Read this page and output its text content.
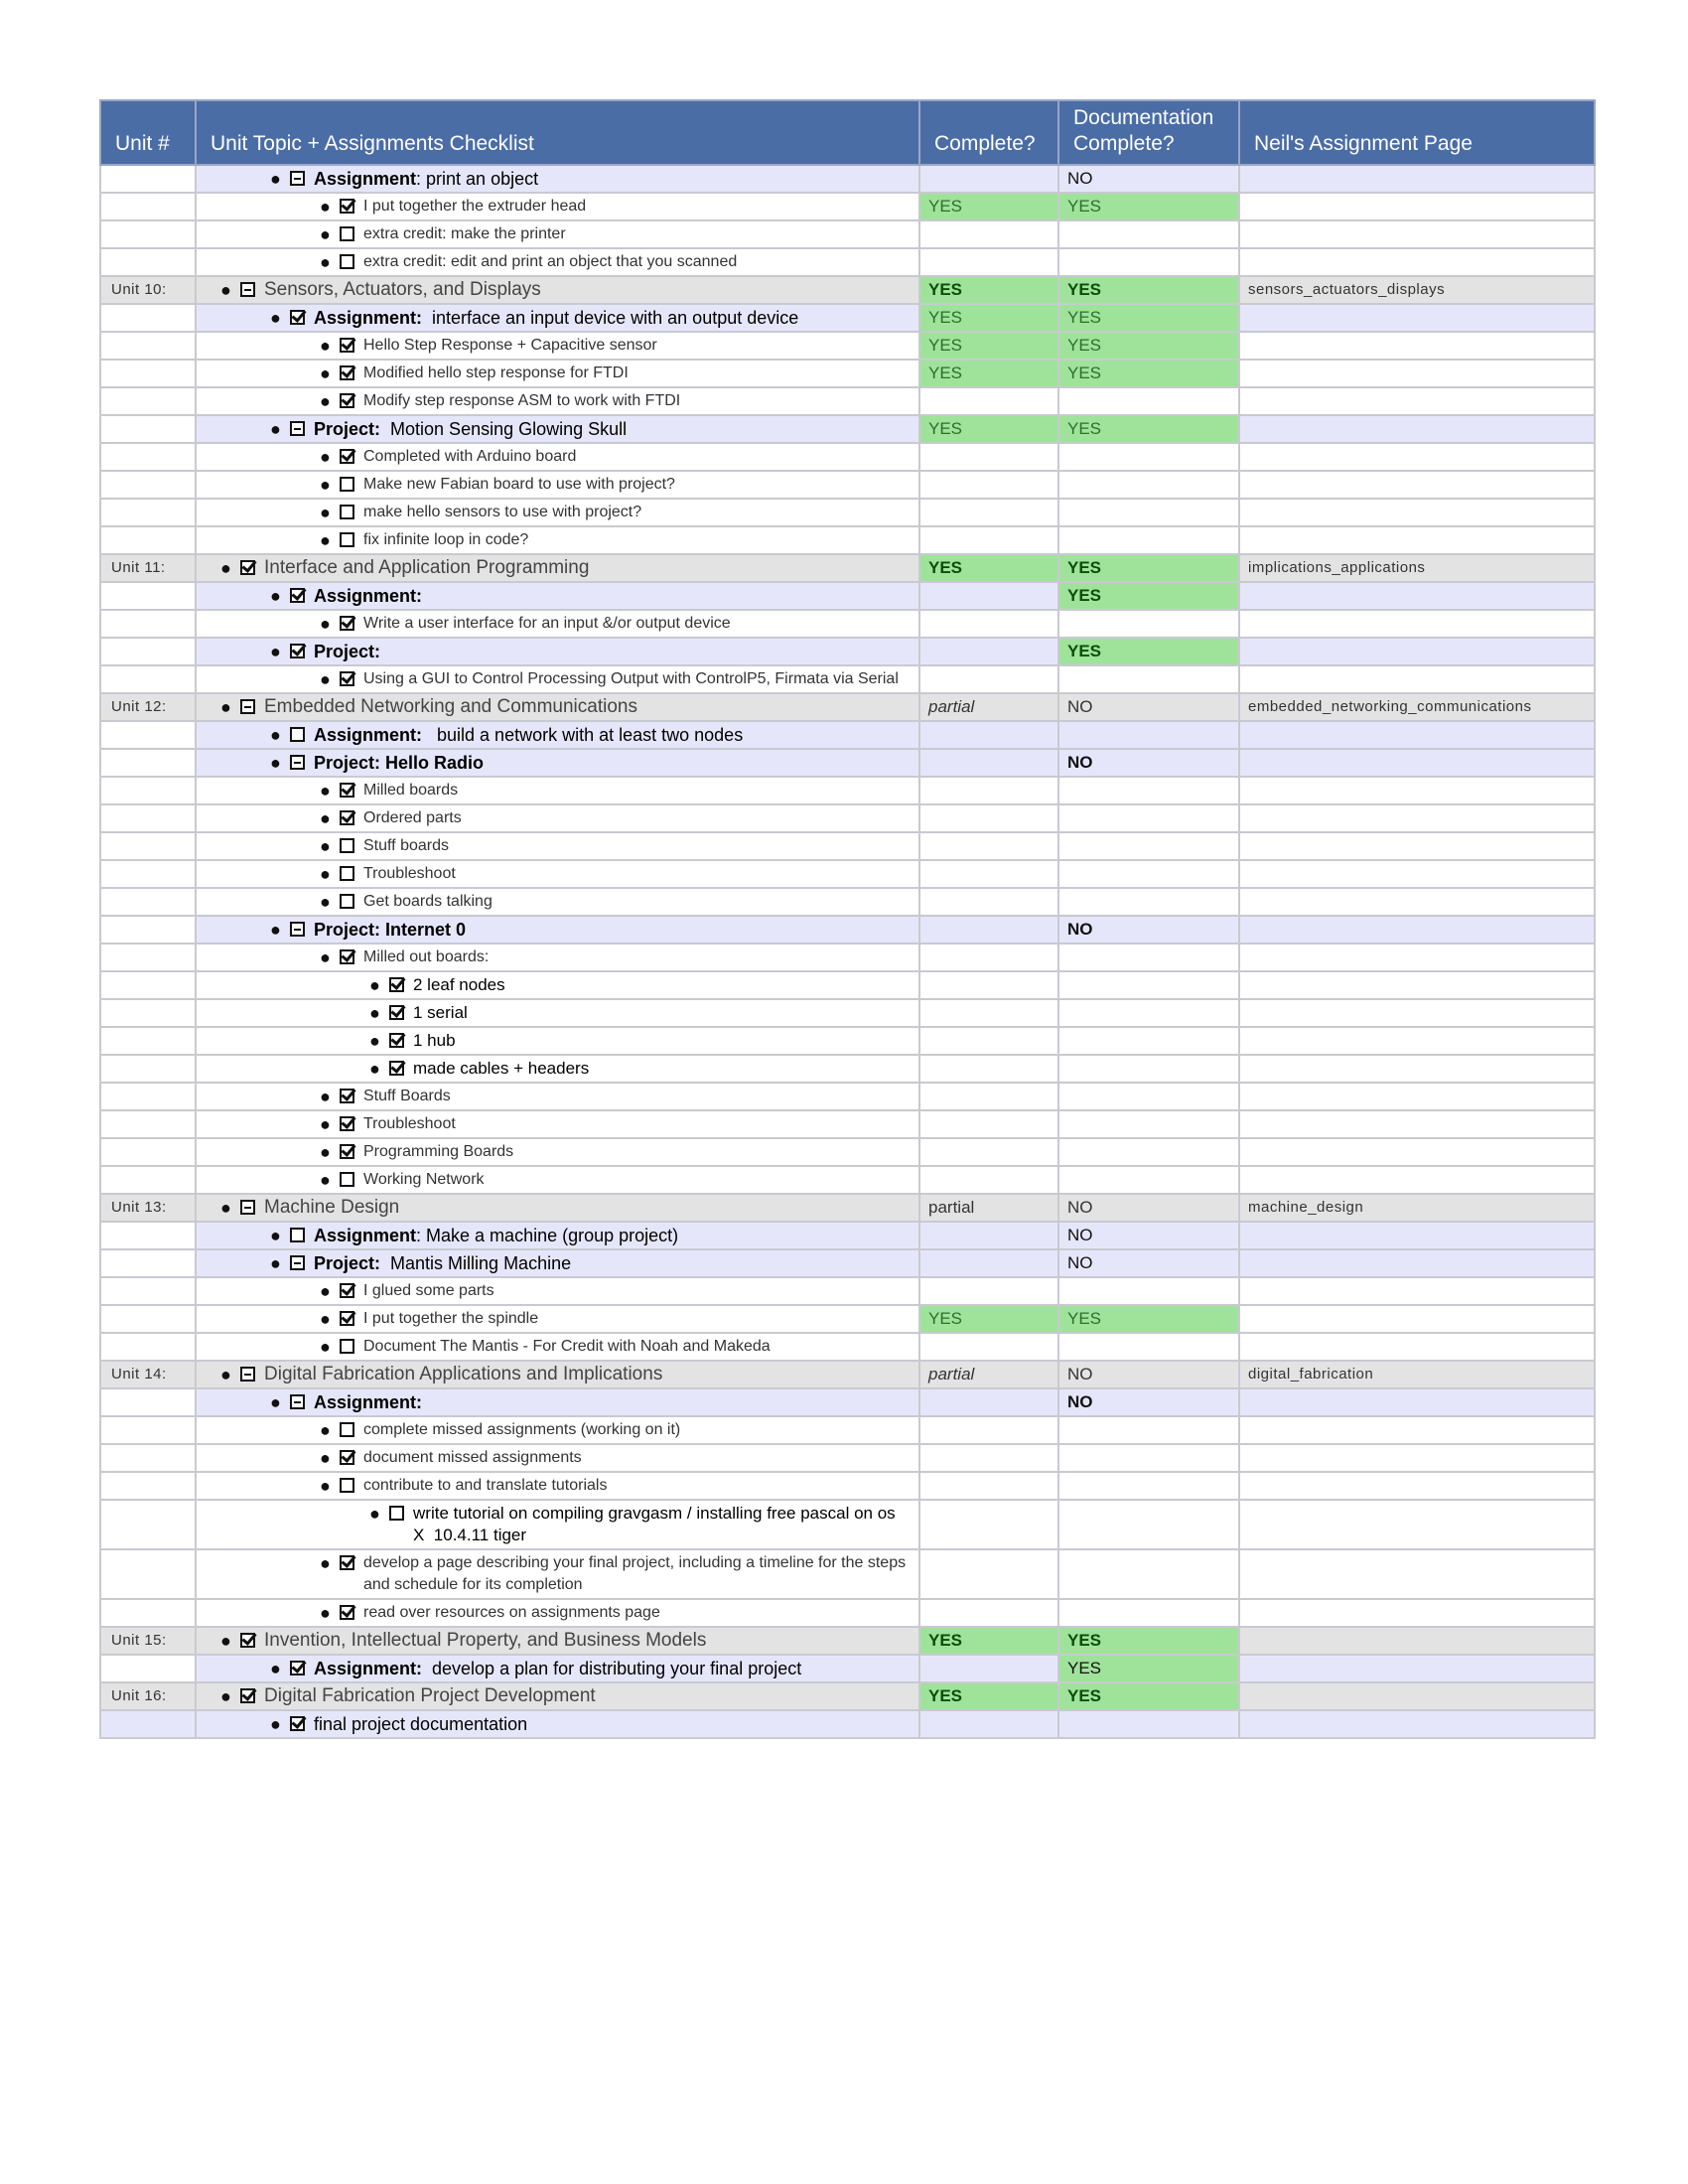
Unit #	Unit Topic + Assignments Checklist	Complete?	Documentation Complete?	Neil's Assignment Page

	● Assignment: print an object		NO	

	● I put together the extruder head	YES	YES	

	● extra credit: make the printer			

	● extra credit: edit and print an object that you scanned			

Unit 10:	● Sensors, Actuators, and Displays	YES	YES	sensors_actuators_displays

	● Assignment:  interface an input device with an output device	YES	YES	

	● Hello Step Response + Capacitive sensor	YES	YES	

	● Modified hello step response for FTDI	YES	YES	

	● Modify step response ASM to work with FTDI			

	● Project:  Motion Sensing Glowing Skull	YES	YES	

	● Completed with Arduino board			

	● Make new Fabian board to use with project?			

	● make hello sensors to use with project?			

	● fix infinite loop in code?			

Unit 11:	● Interface and Application Programming	YES	YES	implications_applications

	● Assignment:		YES	

	● Write a user interface for an input &/or output device			

	● Project:		YES	

	● Using a GUI to Control Processing Output with ControlP5, Firmata via Serial			

Unit 12:	● Embedded Networking and Communications	partial	NO	embedded_networking_communications

	● Assignment:   build a network with at least two nodes			

	● Project: Hello Radio		NO	

	● Milled boards			

	● Ordered parts			

	● Stuff boards			

	● Troubleshoot			

	● Get boards talking			

	● Project: Internet 0		NO	

	● Milled out boards:			

	● 2 leaf nodes			

	● 1 serial			

	● 1 hub			

	● made cables + headers			

	● Stuff Boards			

	● Troubleshoot			

	● Programming Boards			

	● Working Network			

Unit 13:	● Machine Design	partial	NO	machine_design

	● Assignment: Make a machine (group project)		NO	

	● Project:  Mantis Milling Machine		NO	

	● I glued some parts			

	● I put together the spindle	YES	YES	

	● Document The Mantis - For Credit with Noah and Makeda			

Unit 14:	● Digital Fabrication Applications and Implications	partial	NO	digital_fabrication

	● Assignment:		NO	

	● complete missed assignments (working on it)			

	● document missed assignments			

	● contribute to and translate tutorials			

	● write tutorial on compiling gravgasm / installing free pascal on os X  10.4.11 tiger			

	● develop a page describing your final project, including a timeline for the steps and schedule for its completion			

	● read over resources on assignments page			

Unit 15:	● Invention, Intellectual Property, and Business Models	YES	YES	

	● Assignment:  develop a plan for distributing your final project		YES	
Unit 16:	● Digital Fabrication Project Development	YES	YES	

	● final project documentation			
